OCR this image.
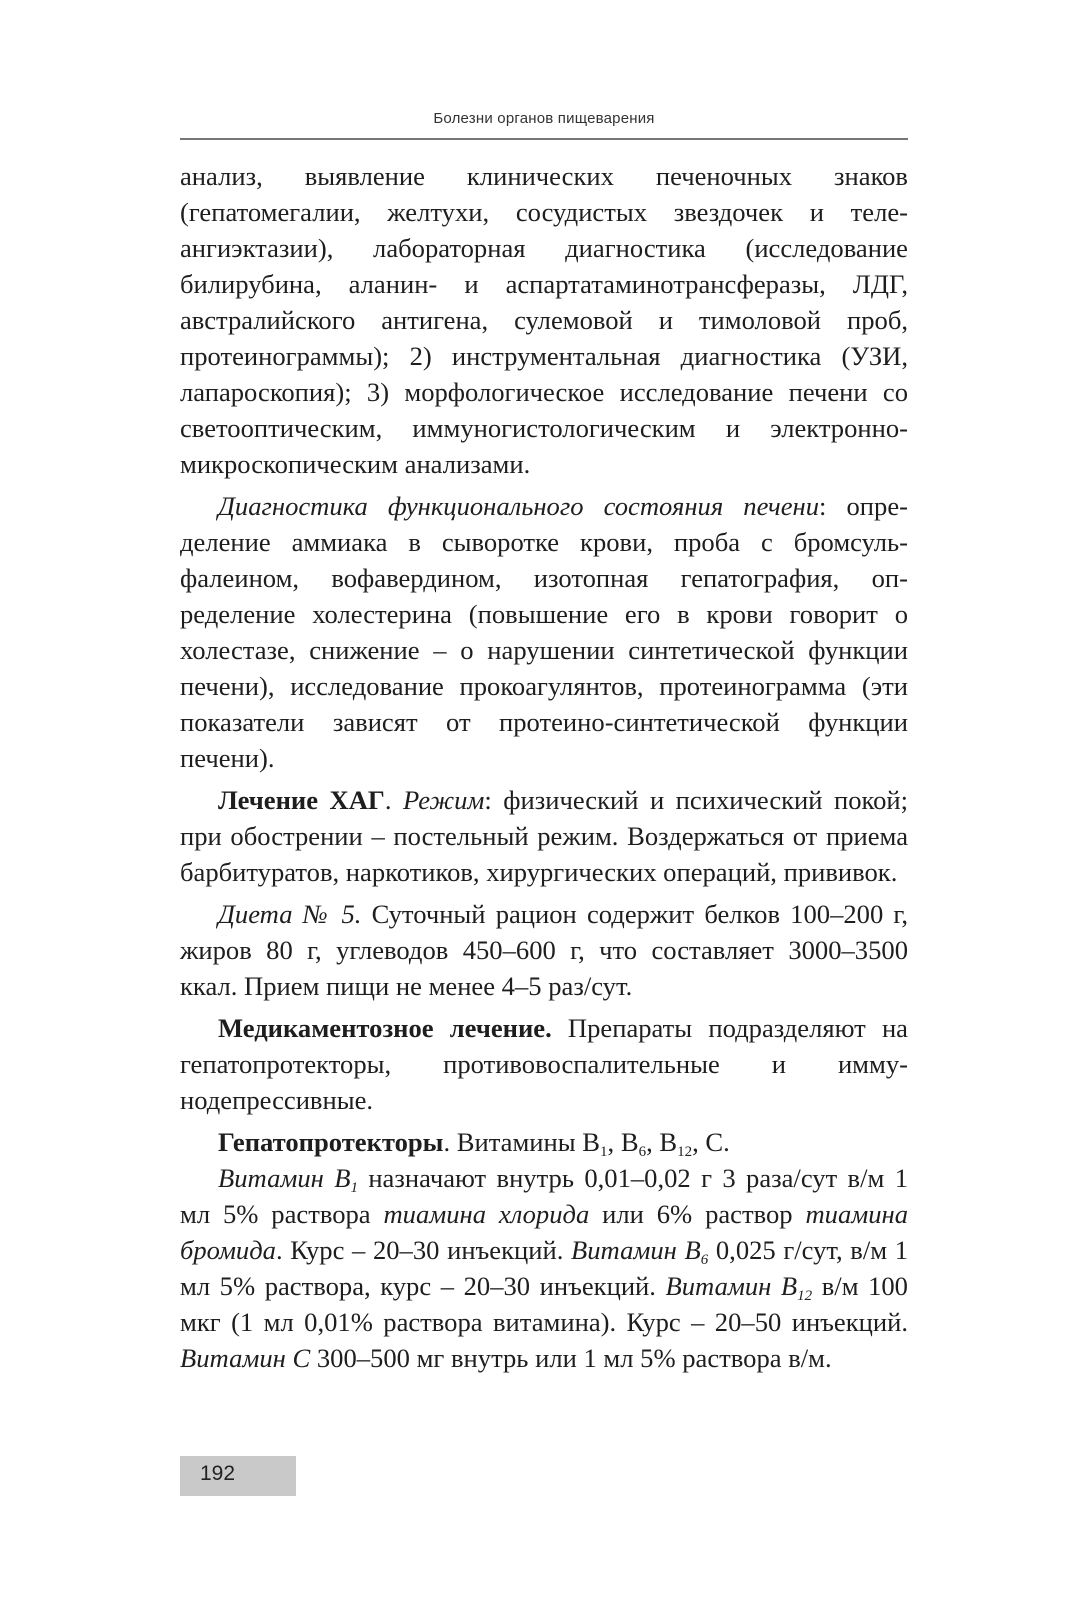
Болезни органов пищеварения

анализ, выявление клинических печеночных знаков (гепатомегалии, желтухи, сосудистых звездочек и телеангиэктазии), лабораторная диагностика (исследование билирубина, аланин- и аспартатаминотрансферазы, ЛДГ, австралийского антигена, сулемовой и тимоловой проб, протеинограммы); 2) инструментальная диагностика (УЗИ, лапароскопия); 3) морфологическое исследование печени со светооптическим, иммуногистологическим и электронно-микроскопическим анализами.

Диагностика функционального состояния печени: определение аммиака в сыворотке крови, проба с бромсульфалеином, вофавердином, изотопная гепатография, определение холестерина (повышение его в крови говорит о холестазе, снижение – о нарушении синтетической функции печени), исследование прокоагулянтов, протеинограмма (эти показатели зависят от протеино-синтетической функции печени).

Лечение ХАГ. Режим: физический и психический покой; при обострении – постельный режим. Воздержаться от приема барбитуратов, наркотиков, хирургических операций, прививок.

Диета № 5. Суточный рацион содержит белков 100–200 г, жиров 80 г, углеводов 450–600 г, что составляет 3000–3500 ккал. Прием пищи не менее 4–5 раз/сут.

Медикаментозное лечение. Препараты подразделяют на гепатопротекторы, противовоспалительные и иммунодепрессивные.

Гепатопротекторы. Витамины $B_1$, $B_6$, $B_{12}$, C.

Витамин $B_1$ назначают внутрь 0,01–0,02 г 3 раза/сут в/м 1 мл 5% раствора тиамина хлорида или 6% раствор тиамина бромида. Курс – 20–30 инъекций. Витамин $B_6$ 0,025 г/сут, в/м 1 мл 5% раствора, курс – 20–30 инъекций. Витамин $B_{12}$ в/м 100 мкг (1 мл 0,01% раствора витамина). Курс – 20–50 инъекций. Витамин C 300–500 мг внутрь или 1 мл 5% раствора в/м.

192
